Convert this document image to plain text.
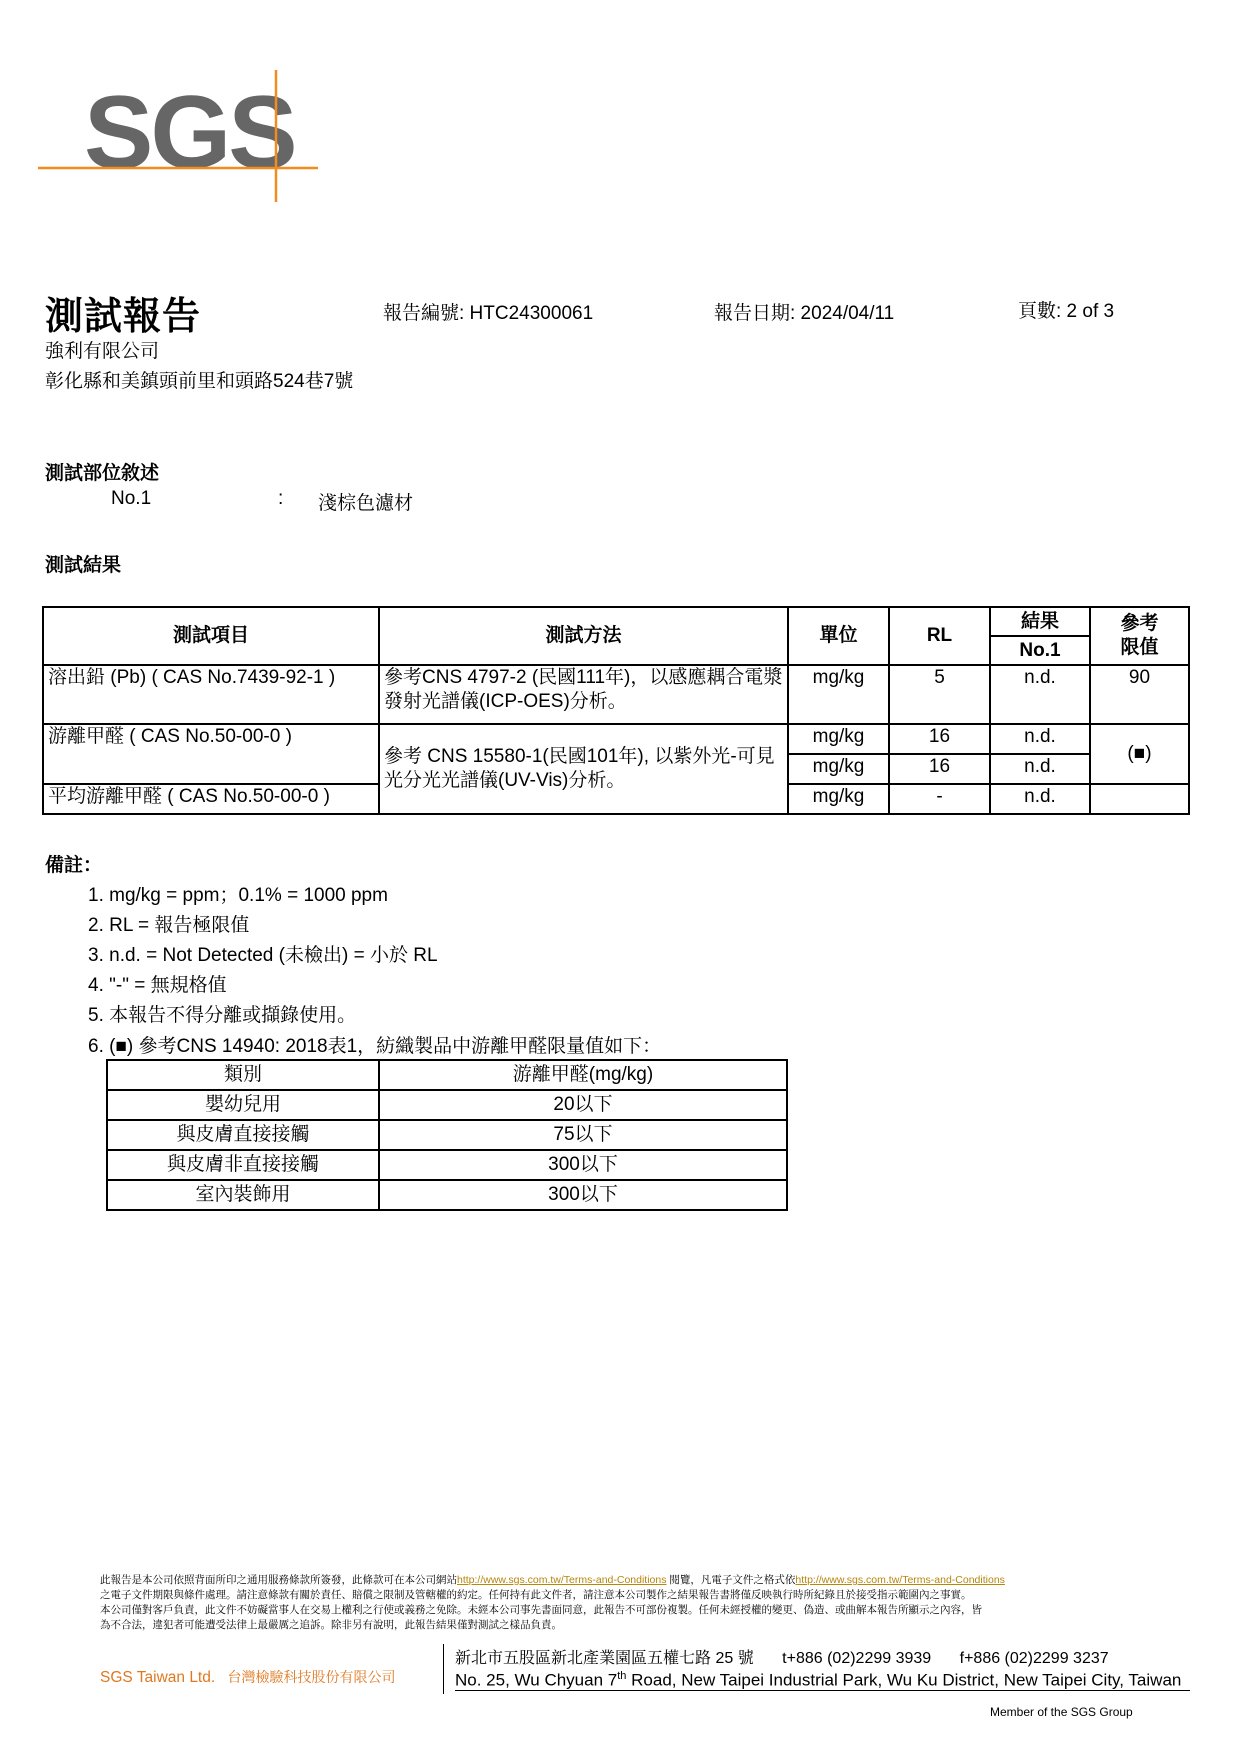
SGS
測試報告	報告編號: HTC24300061	報告日期: 2024/04/11	頁數: 2 of 3
強利有限公司
彰化縣和美鎮頭前里和頭路524巷7號
測試部位敘述
No.1	: 淺棕色濾材
測試結果
測試項目	測試方法	單位	RL	結果	參考
限值

				No.1	
溶出鉛 (Pb) ( CAS No.7439-92-1 )	參考CNS 4797-2 (民國111年)，以感應耦合電漿發射光譜儀(ICP-OES)分析。	mg/kg	5	n.d.	90
游離甲醛 ( CAS No.50-00-0 )	參考 CNS 15580-1(民國101年), 以紫外光-可見光分光光譜儀(UV-Vis)分析。	mg/kg	16	n.d.	(■)
		mg/kg	16	n.d.	
平均游離甲醛 ( CAS No.50-00-0 )		mg/kg	-	n.d.	
備註：
1. mg/kg = ppm；0.1% = 1000 ppm
2. RL = 報告極限值
3. n.d. = Not Detected (未檢出) = 小於 RL
4. "-" = 無規格值
5. 本報告不得分離或擷錄使用。
6. (■) 參考CNS 14940: 2018表1，紡織製品中游離甲醛限量值如下：
類別	游離甲醛(mg/kg)
嬰幼兒用	20以下
與皮膚直接接觸	75以下
與皮膚非直接接觸	300以下
室內裝飾用	300以下
此報告是本公司依照背面所印之通用服務條款所簽發，此條款可在本公司網站http://www.sgs.com.tw/Terms-and-Conditions 閱覽，凡電子文件之格式依http://www.sgs.com.tw/Terms-and-Conditions
之電子文件期限與條件處理。請注意條款有關於責任、賠償之限制及管轄權的約定。任何持有此文件者，請注意本公司製作之結果報告書將僅反映執行時所紀錄且於接受指示範圍內之事實。
本公司僅對客戶負責，此文件不妨礙當事人在交易上權利之行使或義務之免除。未經本公司事先書面同意，此報告不可部份複製。任何未經授權的變更、偽造、或曲解本報告所顯示之內容，皆
為不合法，違犯者可能遭受法律上最嚴厲之追訴。除非另有說明，此報告結果僅對測試之樣品負責。
SGS Taiwan Ltd. 台灣檢驗科技股份有限公司
新北市五股區新北產業園區五權七路 25 號 t+886 (02)2299 3939 f+886 (02)2299 3237
No. 25, Wu Chyuan 7th Road, New Taipei Industrial Park, Wu Ku District, New Taipei City, Taiwan
Member of the SGS Group
